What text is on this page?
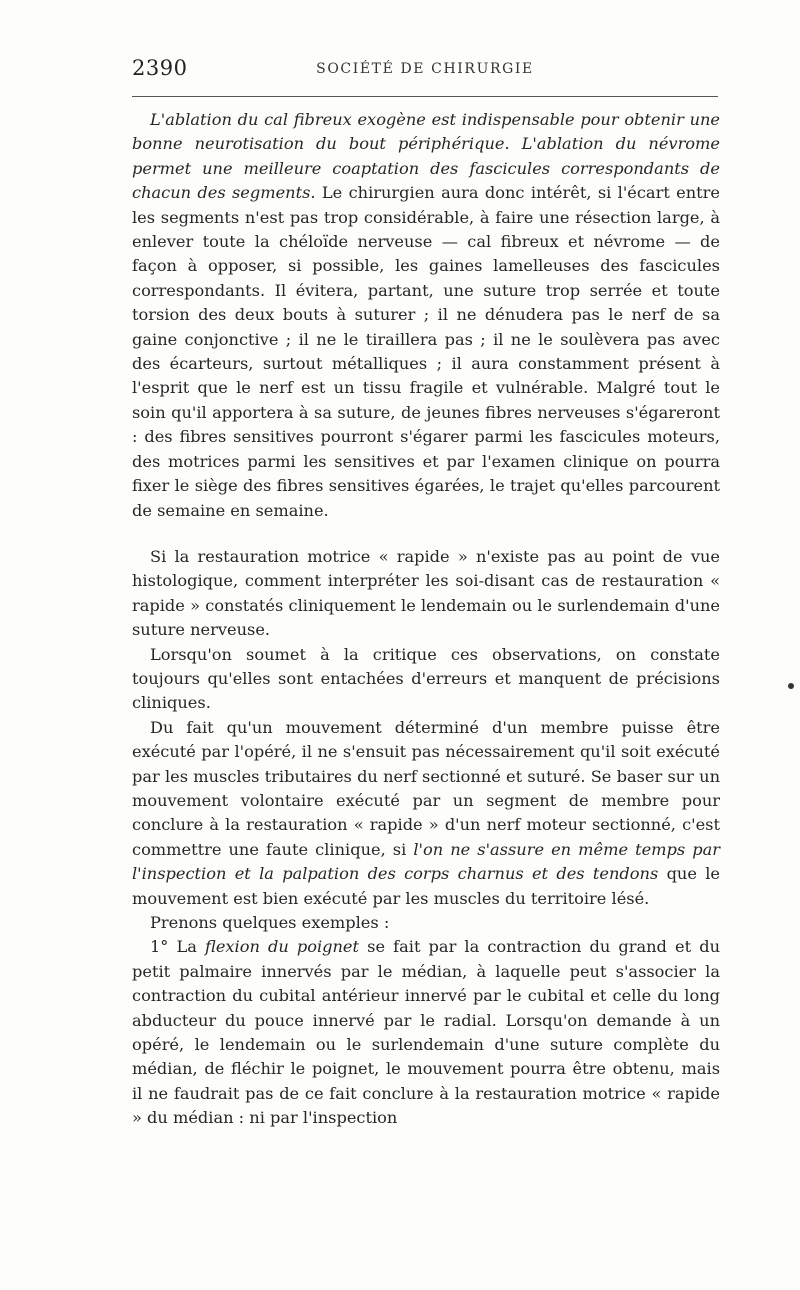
2390	SOCIÉTÉ DE CHIRURGIE

L'ablation du cal fibreux exogène est indispensable pour obtenir une bonne neurotisation du bout périphérique. L'ablation du névrome permet une meilleure coaptation des fascicules correspondants de chacun des segments. Le chirurgien aura donc intérêt, si l'écart entre les segments n'est pas trop considérable, à faire une résection large, à enlever toute la chéloïde nerveuse — cal fibreux et névrome — de façon à opposer, si possible, les gaines lamelleuses des fascicules correspondants. Il évitera, partant, une suture trop serrée et toute torsion des deux bouts à suturer ; il ne dénudera pas le nerf de sa gaine conjonctive ; il ne le tiraillera pas ; il ne le soulèvera pas avec des écarteurs, surtout métalliques ; il aura constamment présent à l'esprit que le nerf est un tissu fragile et vulnérable. Malgré tout le soin qu'il apportera à sa suture, de jeunes fibres nerveuses s'égareront : des fibres sensitives pourront s'égarer parmi les fascicules moteurs, des motrices parmi les sensitives et par l'examen clinique on pourra fixer le siège des fibres sensitives égarées, le trajet qu'elles parcourent de semaine en semaine.

Si la restauration motrice « rapide » n'existe pas au point de vue histologique, comment interpréter les soi-disant cas de restauration « rapide » constatés cliniquement le lendemain ou le surlendemain d'une suture nerveuse.

Lorsqu'on soumet à la critique ces observations, on constate toujours qu'elles sont entachées d'erreurs et manquent de précisions cliniques.

Du fait qu'un mouvement déterminé d'un membre puisse être exécuté par l'opéré, il ne s'ensuit pas nécessairement qu'il soit exécuté par les muscles tributaires du nerf sectionné et suturé. Se baser sur un mouvement volontaire exécuté par un segment de membre pour conclure à la restauration « rapide » d'un nerf moteur sectionné, c'est commettre une faute clinique, si l'on ne s'assure en même temps par l'inspection et la palpation des corps charnus et des tendons que le mouvement est bien exécuté par les muscles du territoire lésé.

Prenons quelques exemples :

1° La flexion du poignet se fait par la contraction du grand et du petit palmaire innervés par le médian, à laquelle peut s'associer la contraction du cubital antérieur innervé par le cubital et celle du long abducteur du pouce innervé par le radial. Lorsqu'on demande à un opéré, le lendemain ou le surlendemain d'une suture complète du médian, de fléchir le poignet, le mouvement pourra être obtenu, mais il ne faudrait pas de ce fait conclure à la restauration motrice « rapide » du médian : ni par l'inspection
